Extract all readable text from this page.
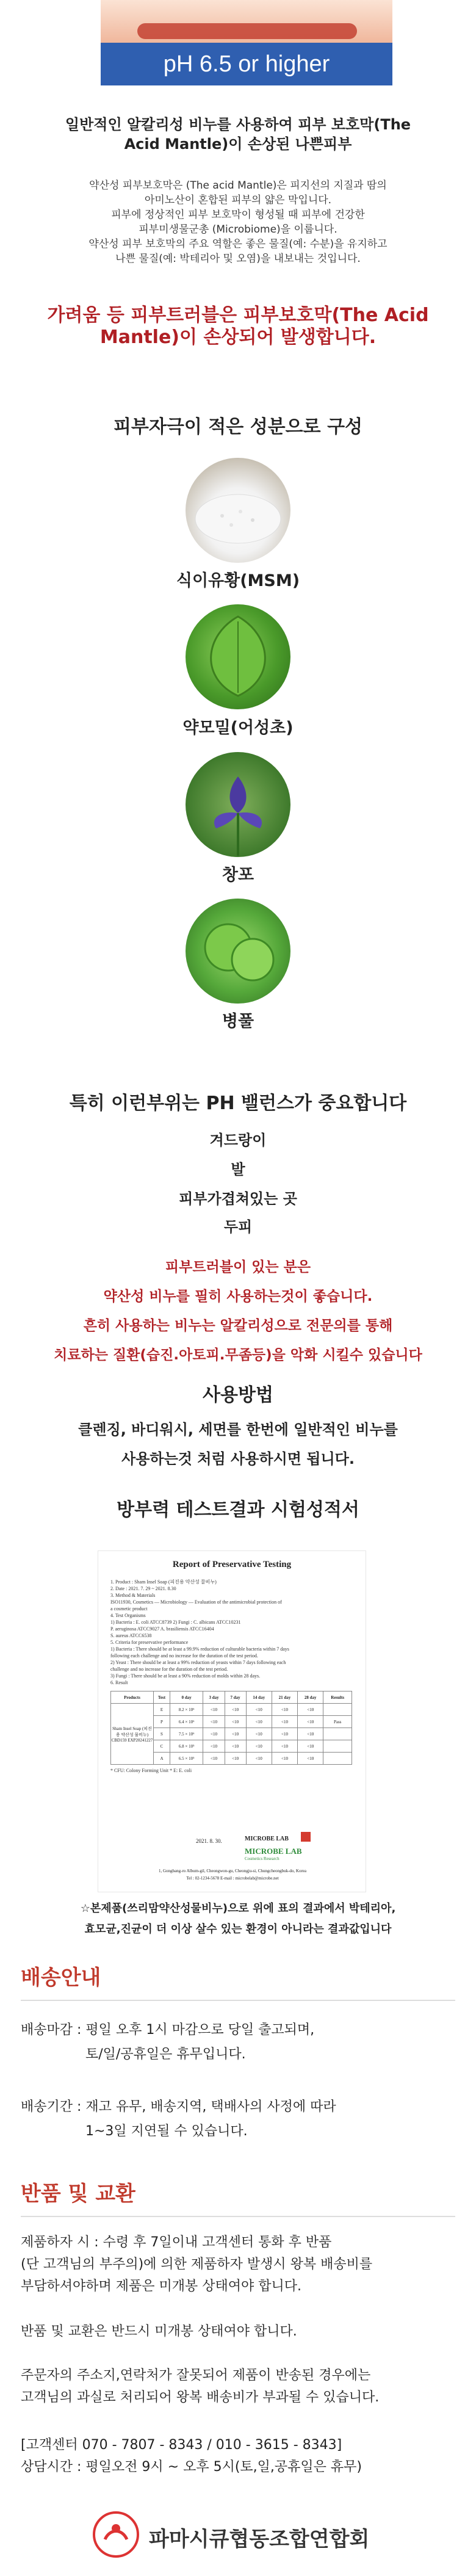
pH 6.5 or higher
일반적인 알칼리성 비누를 사용하여 피부 보호막(The
Acid Mantle)이 손상된 나쁜피부
약산성 피부보호막은 (The acid Mantle)은 피지선의 지질과 땀의
아미노산이 혼합된 피부의 얇은 막입니다.
피부에 정상적인 피부 보호막이 형성될 때 피부에 건강한
피부미생물군총 (Microbiome)을 이룹니다.
약산성 피부 보호막의 주요 역할은 좋은 물질(예: 수분)을 유지하고
나쁜 물질(예: 박테리아 및 오염)을 내보내는 것입니다.
가려움 등 피부트러블은 피부보호막(The Acid
Mantle)이 손상되어 발생합니다.
피부자극이 적은 성분으로 구성
식이유황(MSM)
약모밀(어성초)
창포
병풀
특히 이런부위는 PH 밸런스가 중요합니다
겨드랑이
발
피부가겹쳐있는 곳
두피
피부트러블이 있는 분은
약산성 비누를 필히 사용하는것이 좋습니다.
흔히 사용하는 비누는 알칼리성으로 전문의를 통해
치료하는 질환(습진.아토피.무좀등)을 악화 시킬수 있습니다
사용방법
클렌징, 바디워시, 세면를 한번에 일반적인 비누를
사용하는것 처럼 사용하시면 됩니다.
방부력 테스트결과 시험성적서
Report of Preservative Testing
1. Product : Sham Insel Soap (피진용 약산성 물비누)
2. Date : 2021. 7. 29 ~ 2021. 8.30
3. Method & Materials
ISO11930, Cosmetics — Microbiology — Evaluation of the antimicrobial protection of
a cosmetic product
4. Test Organisms
1) Bacteria : E. coli ATCC8739 2) Fungi : C. albicans ATCC10231
P. aeruginosa ATCC9027 A. brasiliensis ATCC16404
S. aureus ATCC6538
5. Criteria for preservative performance
1) Bacteria : There should be at least a 99.9% reduction of culturable bacteria within 7 days
following each challenge and no increase for the duration of the test period.
2) Yeast : There should be at least a 99% reduction of yeasts within 7 days following each
challenge and no increase for the duration of the test period.
3) Fungi : There should be at least a 90% reduction of molds within 28 days.
6. Result
Products	Test	0 day	3 day	7 day	14 day	21 day	28 day	Results
Sham Insel Soap (피진용 약산성 물비누) CBD159 EXP20241227	E	8.2 × 10⁶	<10	<10	<10	<10	<10	
	P	6.4 × 10⁶	<10	<10	<10	<10	<10	Pass
	S	7.5 × 10⁶	<10	<10	<10	<10	<10	
	C	6.8 × 10⁵	<10	<10	<10	<10	<10	
	A	6.5 × 10⁵	<10	<10	<10	<10	<10	
* CFU: Colony Forming Unit * E: E. coli
2021. 8. 30.	MICROBE LAB
MICROBE LAB
Cosmetics Research
1, Gongbang-ro Album-gil, Cheongwon-gu, Cheongju-si, Chungcheongbuk-do, Korea
Tel : 02-1234-5678 E-mail : microbelab@microbe.net
☆본제품(쓰리맘약산성물비누)으로 위에 표의 결과에서 박테리아,
효모균,진균이 더 이상 살수 있는 환경이 아니라는 결과값입니다
배송안내
배송마감 : 평일 오후 1시 마감으로 당일 출고되며,
토/일/공휴일은 휴무입니다.
배송기간 : 재고 유무, 배송지역, 택배사의 사정에 따라
1~3일 지연될 수 있습니다.
반품 및 교환
제품하자 시 : 수령 후 7일이내 고객센터 통화 후 반품
(단 고객님의 부주의)에 의한 제품하자 발생시 왕복 배송비를
부담하셔야하며 제품은 미개봉 상태여야 합니다.
반품 및 교환은 반드시 미개봉 상태여야 합니다.
주문자의 주소지,연락처가 잘못되어 제품이 반송된 경우에는
고객님의 과실로 처리되어 왕복 배송비가 부과될 수 있습니다.
[고객센터 070 - 7807 - 8343 / 010 - 3615 - 8343]
상담시간 : 평일오전 9시 ~ 오후 5시(토,일,공휴일은 휴무)
파마시큐협동조합연합회
